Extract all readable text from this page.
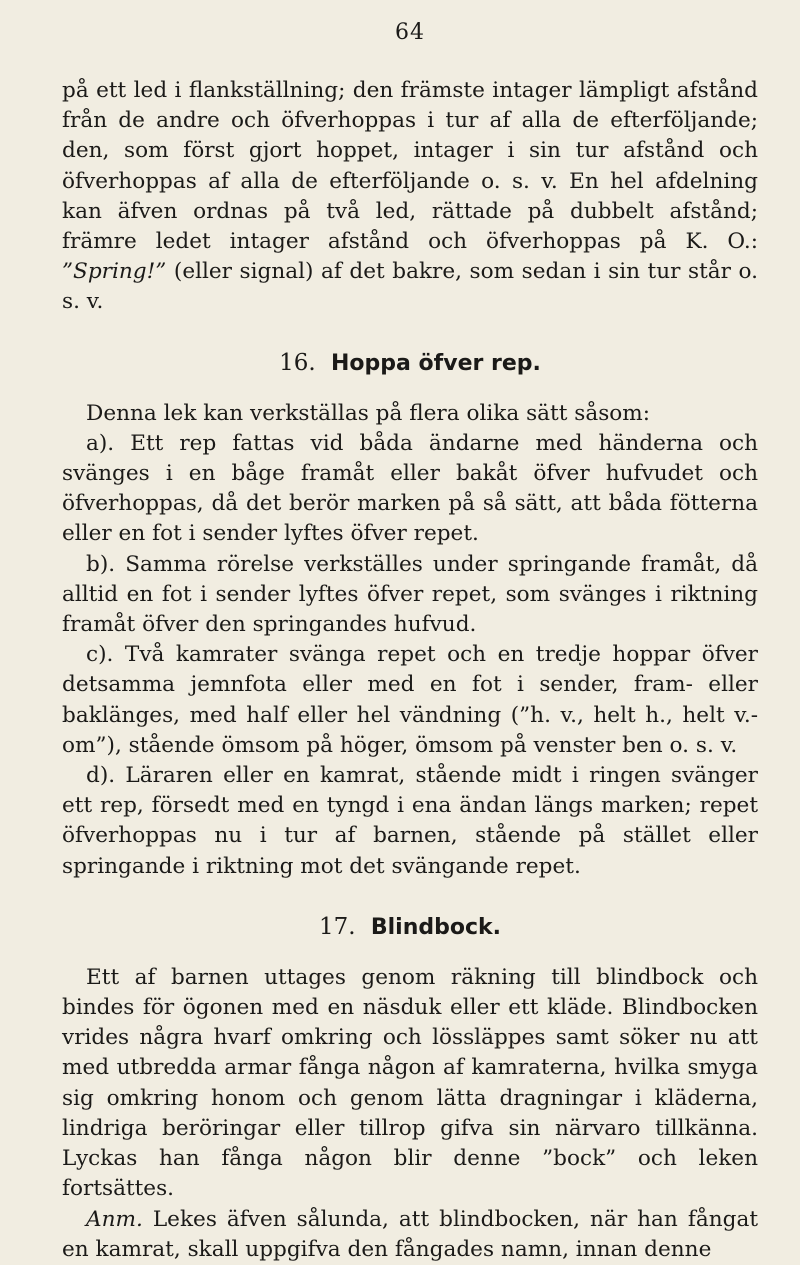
64

på ett led i flankställning; den främste intager lämpligt afstånd från de andre och öfverhoppas i tur af alla de efterföljande; den, som först gjort hoppet, intager i sin tur afstånd och öfverhoppas af alla de efterföljande o. s. v. En hel afdelning kan äfven ordnas på två led, rättade på dubbelt afstånd; främre ledet intager afstånd och öfverhoppas på K. O.: ”Spring!” (eller signal) af det bakre, som sedan i sin tur står o. s. v.

16. Hoppa öfver rep.

Denna lek kan verkställas på flera olika sätt såsom:

a). Ett rep fattas vid båda ändarne med händerna och svänges i en båge framåt eller bakåt öfver hufvudet och öfverhoppas, då det berör marken på så sätt, att båda fötterna eller en fot i sender lyftes öfver repet.

b). Samma rörelse verkställes under springande framåt, då alltid en fot i sender lyftes öfver repet, som svänges i riktning framåt öfver den springandes hufvud.

c). Två kamrater svänga repet och en tredje hoppar öfver detsamma jemnfota eller med en fot i sender, fram- eller baklänges, med half eller hel vändning (”h. v., helt h., helt v.-om”), stående ömsom på höger, ömsom på venster ben o. s. v.

d). Läraren eller en kamrat, stående midt i ringen svänger ett rep, försedt med en tyngd i ena ändan längs marken; repet öfverhoppas nu i tur af barnen, stående på stället eller springande i riktning mot det svängande repet.

17. Blindbock.

Ett af barnen uttages genom räkning till blindbock och bindes för ögonen med en näsduk eller ett kläde. Blindbocken vrides några hvarf omkring och lössläppes samt söker nu att med utbredda armar fånga någon af kamraterna, hvilka smyga sig omkring honom och genom lätta dragningar i kläderna, lindriga beröringar eller tillrop gifva sin närvaro tillkänna. Lyckas han fånga någon blir denne ”bock” och leken fortsättes.

Anm. Lekes äfven sålunda, att blindbocken, när han fångat en kamrat, skall uppgifva den fångades namn, innan denne
